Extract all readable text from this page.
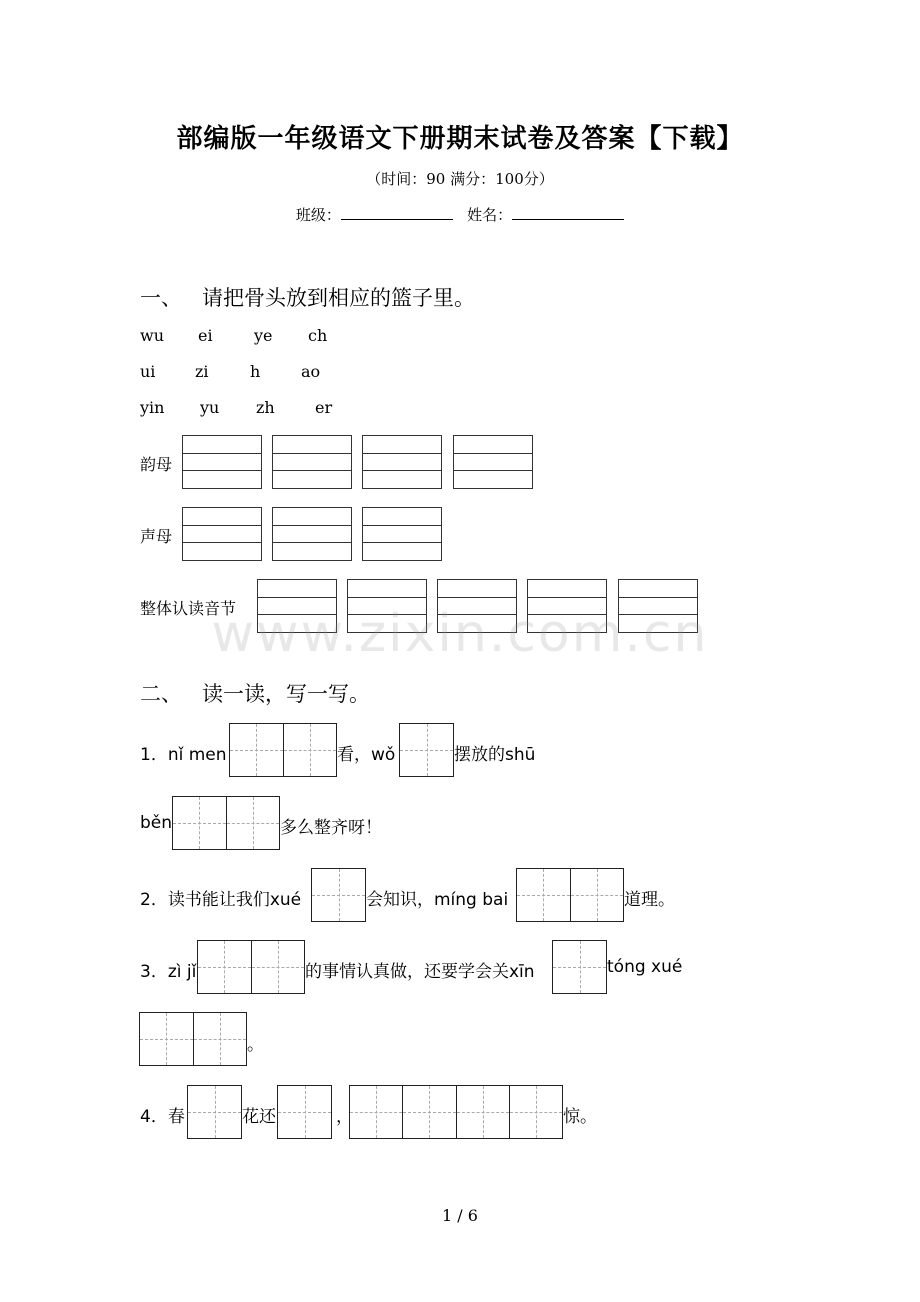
部编版一年级语文下册期末试卷及答案【下载】
（时间：90 满分：100分）
班级：	姓名：
一、 请把骨头放到相应的篮子里。
wu ei	ye ch
ui zi	h	ao
yin yu zh	er
韵母
声母
整体认读音节
www.zixin.com.cn
二、 读一读，写一写。
1．nǐ men	看，wǒ	摆放的shū
běn	多么整齐呀！
2．读书能让我们xué	会知识，míng bai	道理。
3．zì jǐ	的事情认真做，还要学会关xīn	tóng xué
。
4．春	花还	，	惊。
1 / 6
